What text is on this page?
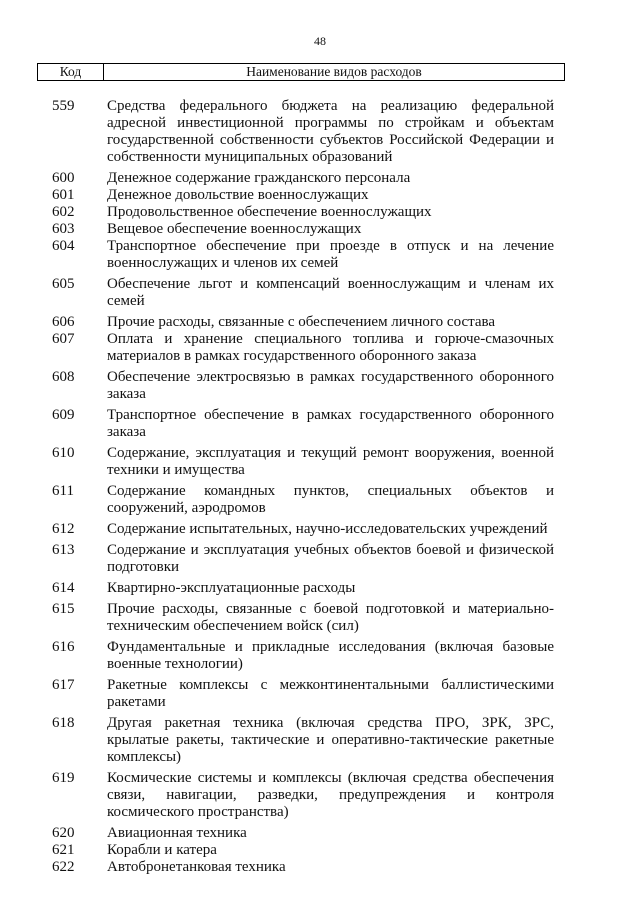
48
Код	Наименование видов расходов
559	Средства федерального бюджета на реализацию федеральной адресной инвестиционной программы по стройкам и объектам государственной собственности субъектов Российской Федерации и собственности муниципальных образований
600	Денежное содержание гражданского персонала
601	Денежное довольствие военнослужащих
602	Продовольственное обеспечение военнослужащих
603	Вещевое обеспечение военнослужащих
604	Транспортное обеспечение при проезде в отпуск и на лечение военнослужащих и членов их семей
605	Обеспечение льгот и компенсаций военнослужащим и членам их семей
606	Прочие расходы, связанные с обеспечением личного состава
607	Оплата и хранение специального топлива и горюче-смазочных материалов в рамках государственного оборонного заказа
608	Обеспечение электросвязью в рамках государственного оборонного заказа
609	Транспортное обеспечение в рамках государственного оборонного заказа
610	Содержание, эксплуатация и текущий ремонт вооружения, военной техники и имущества
611	Содержание командных пунктов, специальных объектов и сооружений, аэродромов
612	Содержание испытательных, научно-исследовательских учреждений
613	Содержание и эксплуатация учебных объектов боевой и физической подготовки
614	Квартирно-эксплуатационные расходы
615	Прочие расходы, связанные с боевой подготовкой и материально-техническим обеспечением войск (сил)
616	Фундаментальные и прикладные исследования (включая базовые военные технологии)
617	Ракетные комплексы с межконтинентальными баллистическими ракетами
618	Другая ракетная техника (включая средства ПРО, ЗРК, ЗРС, крылатые ракеты, тактические и оперативно-тактические ракетные комплексы)
619	Космические системы и комплексы (включая средства обеспечения связи, навигации, разведки, предупреждения и контроля космического пространства)
620	Авиационная техника
621	Корабли и катера
622	Автобронетанковая техника
